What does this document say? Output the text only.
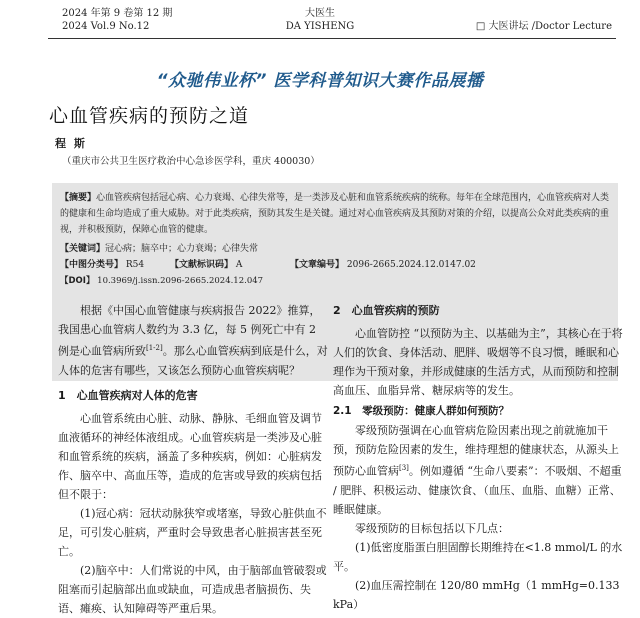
2024 年第 9 卷第 12 期
2024 Vol.9 No.12
大医生
DA YISHENG	□ 大医讲坛 /Doctor Lecture
“众驰伟业杯” 医学科普知识大赛作品展播
心血管疾病的预防之道
程 斯
（重庆市公共卫生医疗救治中心急诊医学科，重庆 400030）
【摘要】心血管疾病包括冠心病、心力衰竭、心律失常等，是一类涉及心脏和血管系统疾病的统称。每年在全球范围内，心血管疾病对人类的健康和生命均造成了重大威胁。对于此类疾病，预防其发生是关键。通过对心血管疾病及其预防对策的介绍，以提高公众对此类疾病的重视，并积极预防，保障心血管的健康。
【关键词】冠心病；脑卒中；心力衰竭；心律失常
【中图分类号】 R54	【文献标识码】 A	【文章编号】 2096-2665.2024.12.0147.02
【DOI】 10.3969/j.issn.2096-2665.2024.12.047

根据《中国心血管健康与疾病报告 2022》推算，我国患心血管病人数约为 3.3 亿，每 5 例死亡中有 2 例是心血管病所致[1-2]。那么心血管疾病到底是什么，对人体的危害有哪些，又该怎么预防心血管疾病呢？

1　心血管疾病对人体的危害

心血管系统由心脏、动脉、静脉、毛细血管及调节血液循环的神经体液组成。心血管疾病是一类涉及心脏和血管系统的疾病，涵盖了多种疾病，例如：心脏病发作、脑卒中、高血压等，造成的危害或导致的疾病包括但不限于：

(1)冠心病：冠状动脉狭窄或堵塞，导致心脏供血不足，可引发心脏病，严重时会导致患者心脏损害甚至死亡。

(2)脑卒中：人们常说的中风，由于脑部血管破裂或阻塞而引起脑部出血或缺血，可造成患者脑损伤、失语、瘫痪、认知障碍等严重后果。

2　心血管疾病的预防

心血管防控 “以预防为主、以基础为主”，其核心在于将人们的饮食、身体活动、肥胖、吸烟等不良习惯，睡眠和心理作为干预对象，并形成健康的生活方式，从而预防和控制高血压、血脂异常、糖尿病等的发生。

2.1　零级预防：健康人群如何预防？

零级预防强调在心血管病危险因素出现之前就施加干预，预防危险因素的发生，维持理想的健康状态，从源头上预防心血管病[3]。例如遵循 “生命八要素”：不吸烟、不超重 / 肥胖、积极运动、健康饮食、（血压、血脂、血糖）正常、睡眠健康。

零级预防的目标包括以下几点：

(1)低密度脂蛋白胆固醇长期维持在<1.8 mmol/L 的水平。

(2)血压需控制在 120/80 mmHg（1 mmHg=0.133 kPa）
